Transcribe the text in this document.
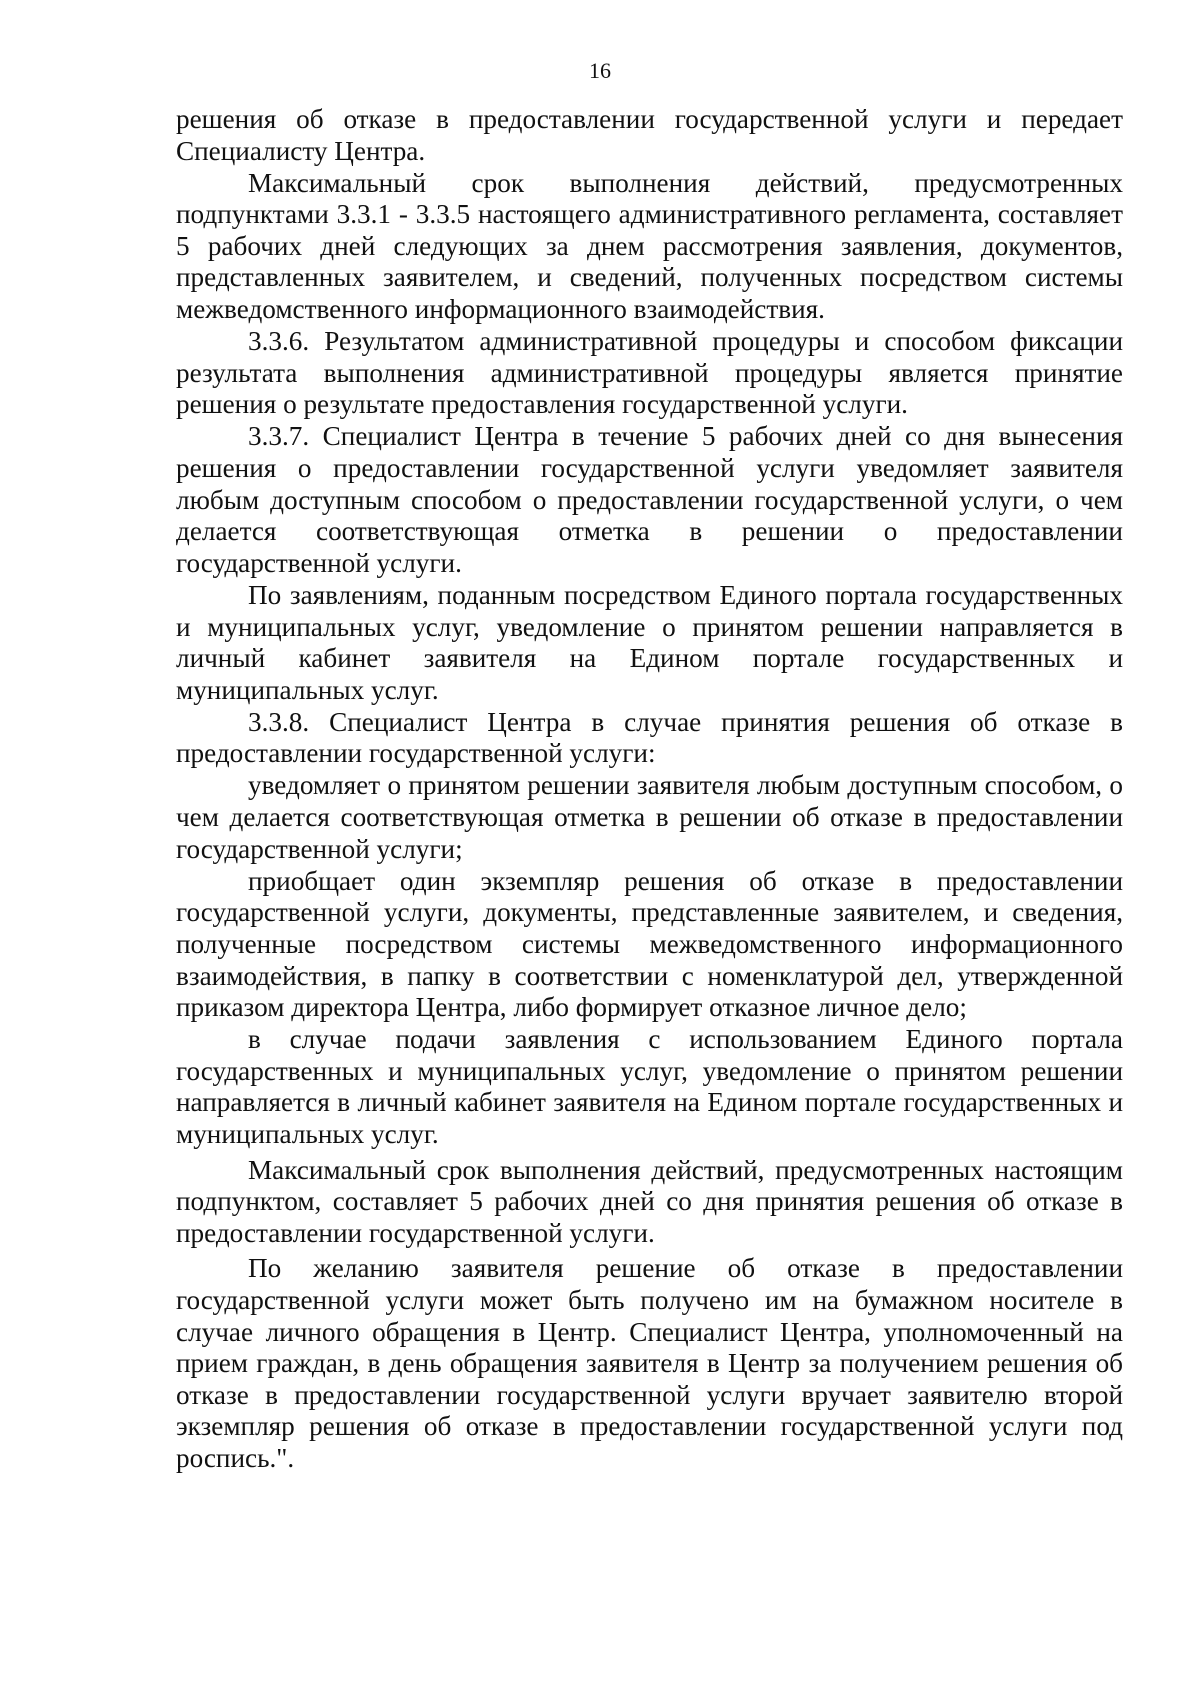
16

решения об отказе в предоставлении государственной услуги и передает Специалисту Центра.

Максимальный срок выполнения действий, предусмотренных подпунктами 3.3.1 - 3.3.5 настоящего административного регламента, составляет 5 рабочих дней следующих за днем рассмотрения заявления, документов, представленных заявителем, и сведений, полученных посредством системы межведомственного информационного взаимодействия.

3.3.6. Результатом административной процедуры и способом фиксации результата выполнения административной процедуры является принятие решения о результате предоставления государственной услуги.

3.3.7. Специалист Центра в течение 5 рабочих дней со дня вынесения решения о предоставлении государственной услуги уведомляет заявителя любым доступным способом о предоставлении государственной услуги, о чем делается соответствующая отметка в решении о предоставлении государственной услуги.

По заявлениям, поданным посредством Единого портала государственных и муниципальных услуг, уведомление о принятом решении направляется в личный кабинет заявителя на Едином портале государственных и муниципальных услуг.

3.3.8. Специалист Центра в случае принятия решения об отказе в предоставлении государственной услуги:

уведомляет о принятом решении заявителя любым доступным способом, о чем делается соответствующая отметка в решении об отказе в предоставлении государственной услуги;

приобщает один экземпляр решения об отказе в предоставлении государственной услуги, документы, представленные заявителем, и сведения, полученные посредством системы межведомственного информационного взаимодействия, в папку в соответствии с номенклатурой дел, утвержденной приказом директора Центра, либо формирует отказное личное дело;

в случае подачи заявления с использованием Единого портала государственных и муниципальных услуг, уведомление о принятом решении направляется в личный кабинет заявителя на Едином портале государственных и муниципальных услуг.

Максимальный срок выполнения действий, предусмотренных настоящим подпунктом, составляет 5 рабочих дней со дня принятия решения об отказе в предоставлении государственной услуги.

По желанию заявителя решение об отказе в предоставлении государственной услуги может быть получено им на бумажном носителе в случае личного обращения в Центр. Специалист Центра, уполномоченный на прием граждан, в день обращения заявителя в Центр за получением решения об отказе в предоставлении государственной услуги вручает заявителю второй экземпляр решения об отказе в предоставлении государственной услуги под роспись.".
